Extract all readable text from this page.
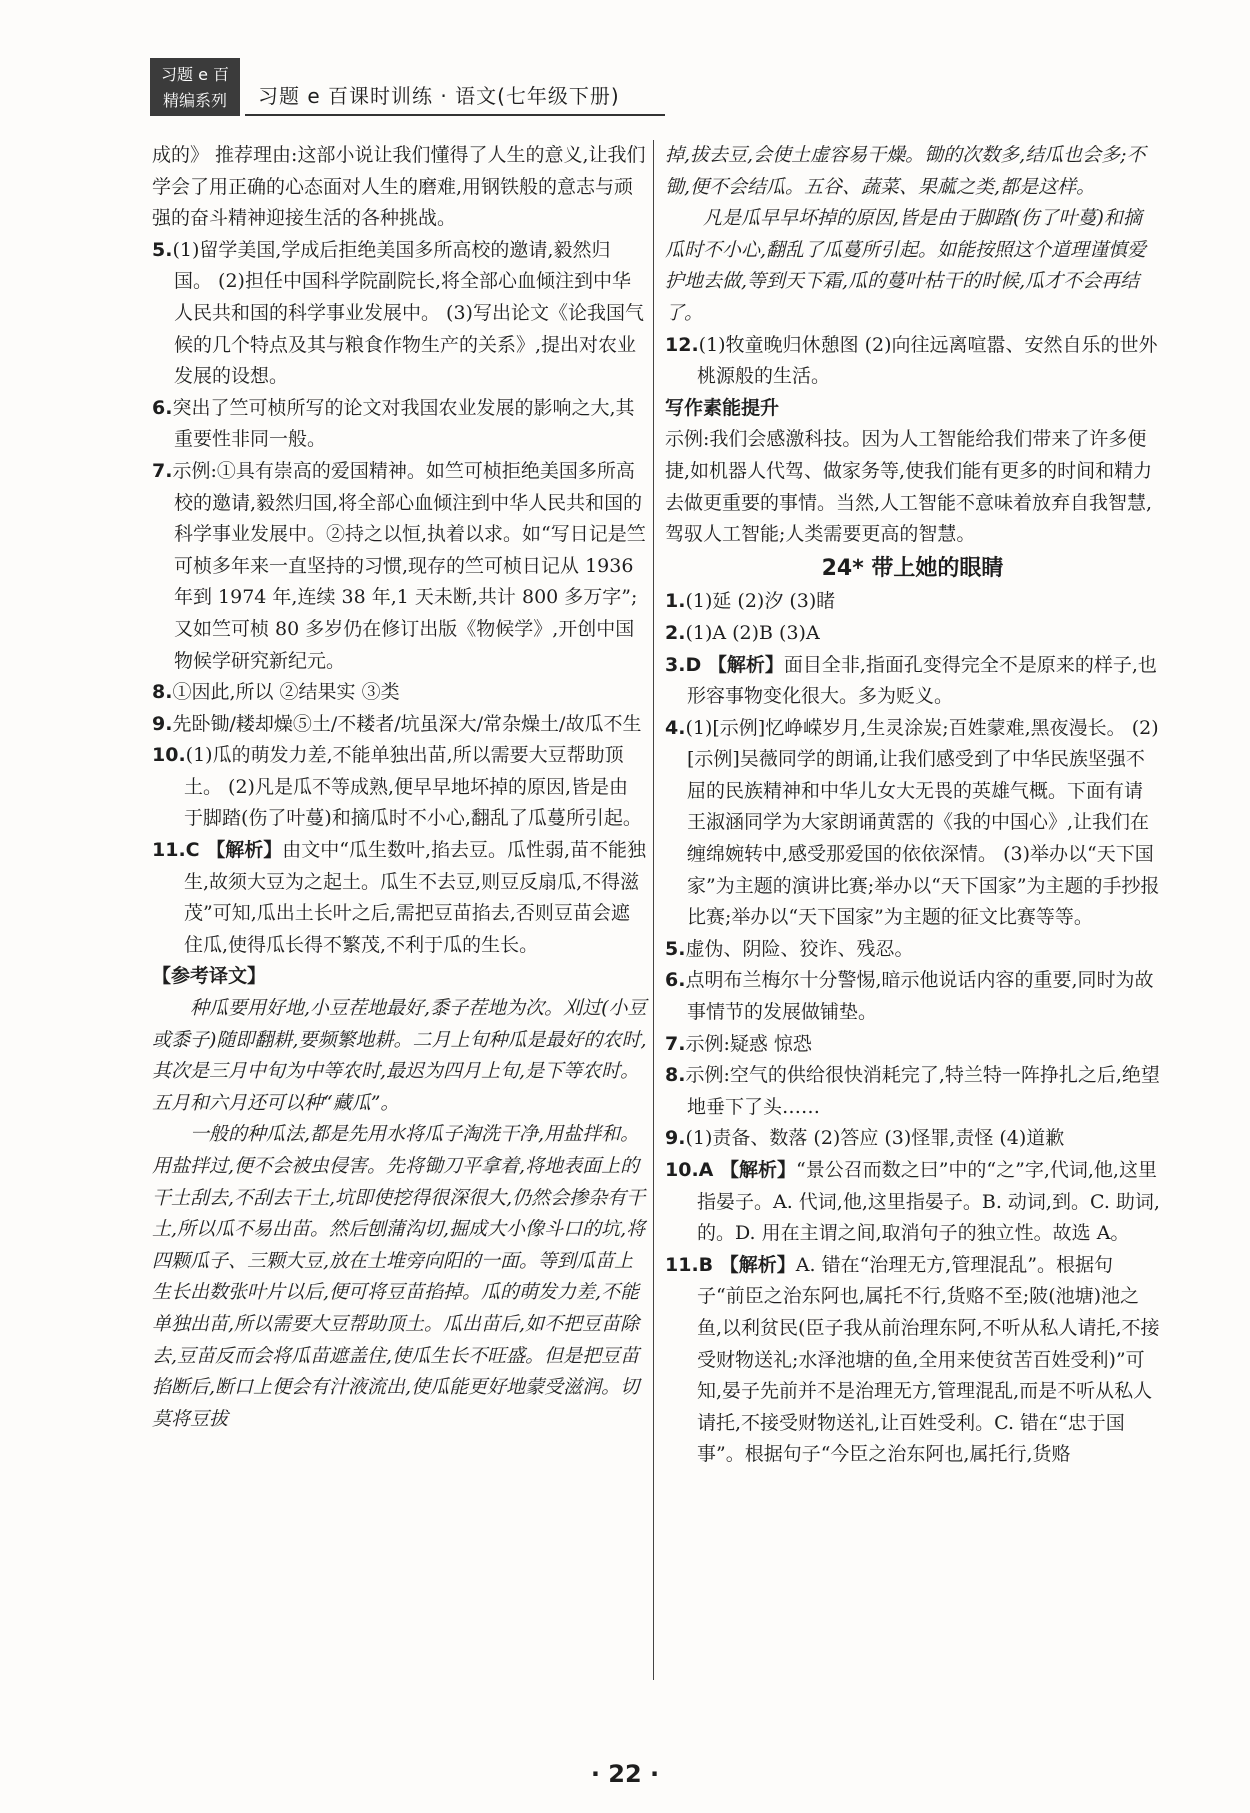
习题 e 百
精编系列	习题 e 百课时训练 · 语文(七年级下册)

成的》 推荐理由:这部小说让我们懂得了人生的意义,让我们学会了用正确的心态面对人生的磨难,用钢铁般的意志与顽强的奋斗精神迎接生活的各种挑战。

5.(1)留学美国,学成后拒绝美国多所高校的邀请,毅然归国。 (2)担任中国科学院副院长,将全部心血倾注到中华人民共和国的科学事业发展中。 (3)写出论文《论我国气候的几个特点及其与粮食作物生产的关系》,提出对农业发展的设想。

6.突出了竺可桢所写的论文对我国农业发展的影响之大,其重要性非同一般。

7.示例:①具有崇高的爱国精神。如竺可桢拒绝美国多所高校的邀请,毅然归国,将全部心血倾注到中华人民共和国的科学事业发展中。②持之以恒,执着以求。如“写日记是竺可桢多年来一直坚持的习惯,现存的竺可桢日记从 1936 年到 1974 年,连续 38 年,1 天未断,共计 800 多万字”;又如竺可桢 80 多岁仍在修订出版《物候学》,开创中国物候学研究新纪元。

8.①因此,所以 ②结果实 ③类

9.先卧锄/耧却燥⑤土/不耧者/坑虽深大/常杂燥土/故瓜不生

10.(1)瓜的萌发力差,不能单独出苗,所以需要大豆帮助顶土。 (2)凡是瓜不等成熟,便早早地坏掉的原因,皆是由于脚踏(伤了叶蔓)和摘瓜时不小心,翻乱了瓜蔓所引起。

11.C 【解析】由文中“瓜生数叶,掐去豆。瓜性弱,苗不能独生,故须大豆为之起土。瓜生不去豆,则豆反扇瓜,不得滋茂”可知,瓜出土长叶之后,需把豆苗掐去,否则豆苗会遮住瓜,使得瓜长得不繁茂,不利于瓜的生长。

【参考译文】

种瓜要用好地,小豆茬地最好,黍子茬地为次。刈过(小豆或黍子)随即翻耕,要频繁地耕。二月上旬种瓜是最好的农时,其次是三月中旬为中等农时,最迟为四月上旬,是下等农时。五月和六月还可以种“藏瓜”。

一般的种瓜法,都是先用水将瓜子淘洗干净,用盐拌和。用盐拌过,便不会被虫侵害。先将锄刀平拿着,将地表面上的干土刮去,不刮去干土,坑即使挖得很深很大,仍然会掺杂有干土,所以瓜不易出苗。然后刨蒲沟切,掘成大小像斗口的坑,将四颗瓜子、三颗大豆,放在土堆旁向阳的一面。等到瓜苗上生长出数张叶片以后,便可将豆苗掐掉。瓜的萌发力差,不能单独出苗,所以需要大豆帮助顶土。瓜出苗后,如不把豆苗除去,豆苗反而会将瓜苗遮盖住,使瓜生长不旺盛。但是把豆苗掐断后,断口上便会有汁液流出,使瓜能更好地蒙受滋润。切莫将豆拔

掉,拔去豆,会使土虚容易干燥。锄的次数多,结瓜也会多;不锄,便不会结瓜。五谷、蔬菜、果蓏之类,都是这样。

凡是瓜早早坏掉的原因,皆是由于脚踏(伤了叶蔓)和摘瓜时不小心,翻乱了瓜蔓所引起。如能按照这个道理谨慎爱护地去做,等到天下霜,瓜的蔓叶枯干的时候,瓜才不会再结了。

12.(1)牧童晚归休憩图 (2)向往远离喧嚣、安然自乐的世外桃源般的生活。

写作素能提升

示例:我们会感激科技。因为人工智能给我们带来了许多便捷,如机器人代驾、做家务等,使我们能有更多的时间和精力去做更重要的事情。当然,人工智能不意味着放弃自我智慧,驾驭人工智能;人类需要更高的智慧。

24* 带上她的眼睛

1.(1)延 (2)汐 (3)睹

2.(1)A (2)B (3)A

3.D 【解析】面目全非,指面孔变得完全不是原来的样子,也形容事物变化很大。多为贬义。

4.(1)[示例]忆峥嵘岁月,生灵涂炭;百姓蒙难,黑夜漫长。 (2)[示例]吴薇同学的朗诵,让我们感受到了中华民族坚强不屈的民族精神和中华儿女大无畏的英雄气概。下面有请王淑涵同学为大家朗诵黄霑的《我的中国心》,让我们在缠绵婉转中,感受那爱国的依依深情。 (3)举办以“天下国家”为主题的演讲比赛;举办以“天下国家”为主题的手抄报比赛;举办以“天下国家”为主题的征文比赛等等。

5.虚伪、阴险、狡诈、残忍。

6.点明布兰梅尔十分警惕,暗示他说话内容的重要,同时为故事情节的发展做铺垫。

7.示例:疑惑 惊恐

8.示例:空气的供给很快消耗完了,特兰特一阵挣扎之后,绝望地垂下了头……

9.(1)责备、数落 (2)答应 (3)怪罪,责怪 (4)道歉

10.A 【解析】“景公召而数之曰”中的“之”字,代词,他,这里指晏子。A. 代词,他,这里指晏子。B. 动词,到。C. 助词,的。D. 用在主谓之间,取消句子的独立性。故选 A。

11.B 【解析】A. 错在“治理无方,管理混乱”。根据句子“前臣之治东阿也,属托不行,货赂不至;陂(池塘)池之鱼,以利贫民(臣子我从前治理东阿,不听从私人请托,不接受财物送礼;水泽池塘的鱼,全用来使贫苦百姓受利)”可知,晏子先前并不是治理无方,管理混乱,而是不听从私人请托,不接受财物送礼,让百姓受利。C. 错在“忠于国事”。根据句子“今臣之治东阿也,属托行,货赂

· 22 ·
